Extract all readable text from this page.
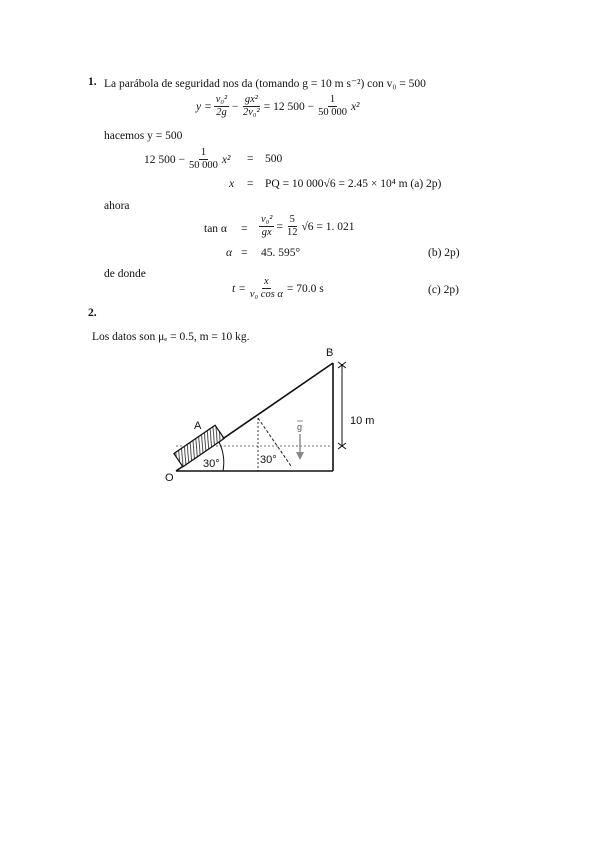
1. La parábola de seguridad nos da (tomando g = 10 m s⁻²) con v₀ = 500
$y = \frac{\text{v₀²}}{2g} - \frac{\text{gx²}}{\text{2v₀²}} = 12$ $500 - \frac{1}{50 000} x^2$
hacemos y = 500
12 $500 - \frac{1}{50 000} x^2 = 500$
x = PQ = 10 000√6 = 2.45 × 10⁴ m (a) 2p)
ahora
$\tan \alpha = \frac{\text{v₀²}}{gx} = \frac{5}{12} √6 = 1$. 021
α = 45. 595°	(b) 2p)
de donde
$t = \frac{x}{\text{v₀ cos α}} = 70.0$ s	(c) 2p)
2.
Los datos son μₑ = 0.5, m = 10 kg.
B
A
O
30°	30°
10 m
g
